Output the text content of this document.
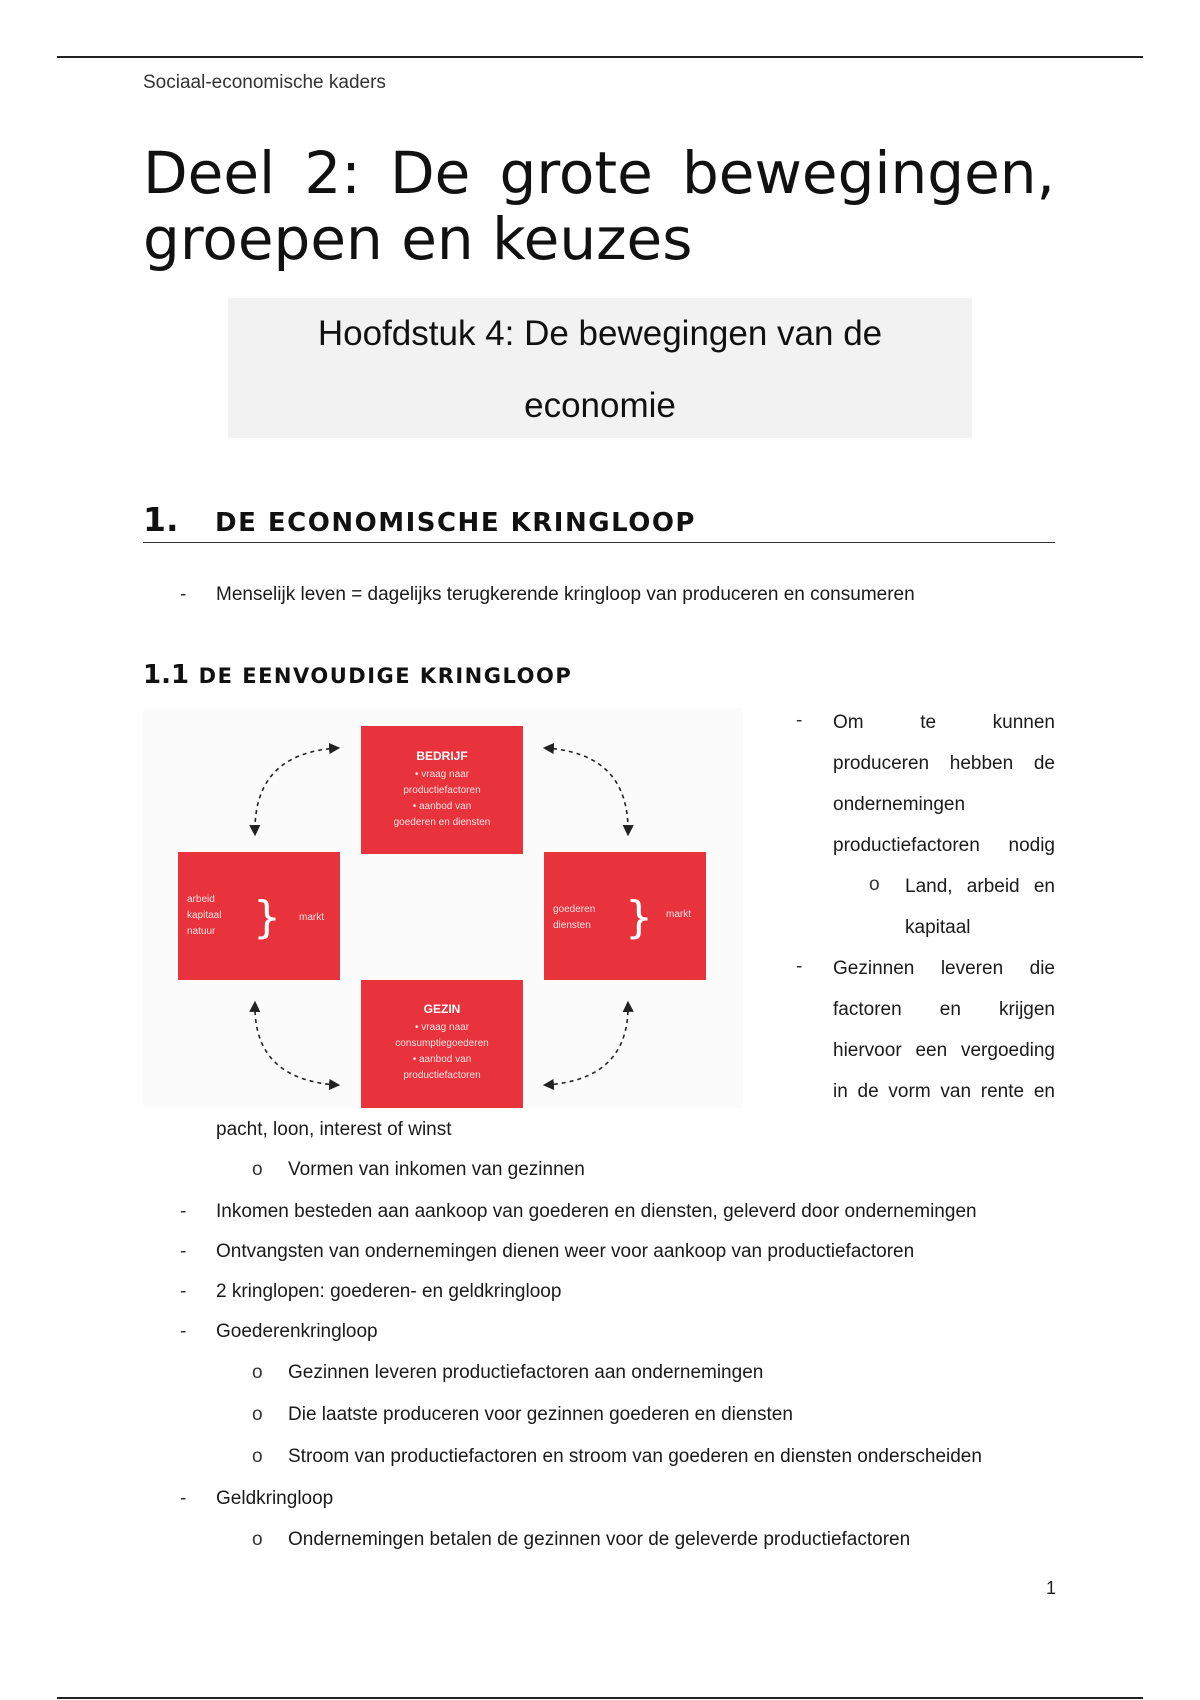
Sociaal-economische kaders
Deel 2: De grote bewegingen, groepen en keuzes
Hoofdstuk 4: De bewegingen van de
economie
1. DE ECONOMISCHE KRINGLOOP
- Menselijk leven = dagelijks terugkerende kringloop van produceren en consumeren
1.1 DE EENVOUDIGE KRINGLOOP
BEDRIJF
• vraag naar
productiefactoren
• aanbod van
goederen en diensten
GEZIN
• vraag naar
consumptiegoederen
• aanbod van
productiefactoren
arbeid
kapitaal
natuur } markt
goederen
diensten } markt
- Om te kunnen
produceren hebben de
ondernemingen
productiefactoren nodig
o Land, arbeid en
kapitaal
- Gezinnen leveren die
factoren en krijgen
hiervoor een vergoeding
in de vorm van rente en
pacht, loon, interest of winst
o Vormen van inkomen van gezinnen
- Inkomen besteden aan aankoop van goederen en diensten, geleverd door ondernemingen
- Ontvangsten van ondernemingen dienen weer voor aankoop van productiefactoren
- 2 kringlopen: goederen- en geldkringloop
- Goederenkringloop
o Gezinnen leveren productiefactoren aan ondernemingen
o Die laatste produceren voor gezinnen goederen en diensten
o Stroom van productiefactoren en stroom van goederen en diensten onderscheiden
- Geldkringloop
o Ondernemingen betalen de gezinnen voor de geleverde productiefactoren
1
